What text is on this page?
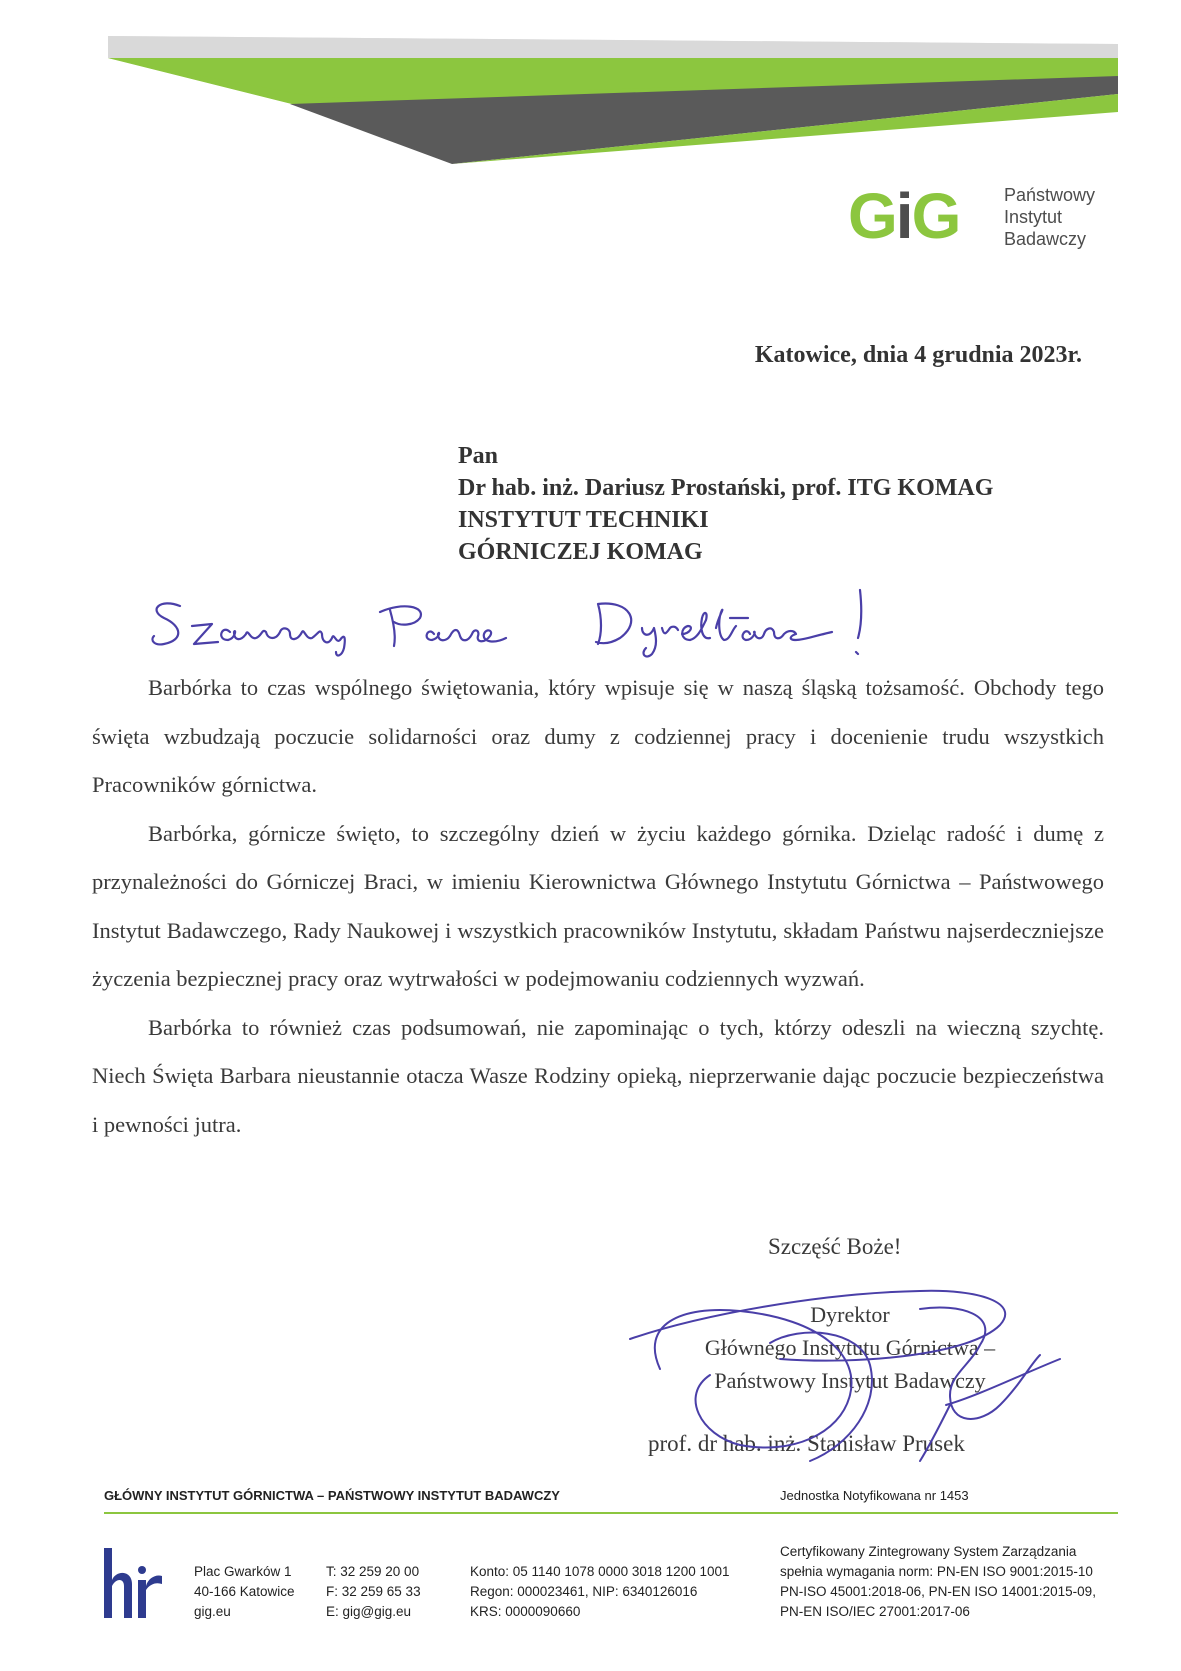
GiG Państwowy
Instytut
Badawczy
Katowice, dnia 4 grudnia 2023r.
Pan
Dr hab. inż. Dariusz Prostański, prof. ITG KOMAG
INSTYTUT TECHNIKI
GÓRNICZEJ KOMAG

Barbórka to czas wspólnego świętowania, który wpisuje się w naszą śląską tożsamość. Obchody tego święta wzbudzają poczucie solidarności oraz dumy z codziennej pracy i docenienie trudu wszystkich Pracowników górnictwa.

Barbórka, górnicze święto, to szczególny dzień w życiu każdego górnika. Dzieląc radość i dumę z przynależności do Górniczej Braci, w imieniu Kierownictwa Głównego Instytutu Górnictwa – Państwowego Instytut Badawczego, Rady Naukowej i wszystkich pracowników Instytutu, składam Państwu najserdeczniejsze życzenia bezpiecznej pracy oraz wytrwałości w podejmowaniu codziennych wyzwań.

Barbórka to również czas podsumowań, nie zapominając o tych, którzy odeszli na wieczną szychtę. Niech Święta Barbara nieustannie otacza Wasze Rodziny opieką, nieprzerwanie dając poczucie bezpieczeństwa i pewności jutra.

Szczęść Boże!
Dyrektor
Głównego Instytutu Górnictwa –
Państwowy Instytut Badawczy
prof. dr hab. inż. Stanisław Prusek
GŁÓWNY INSTYTUT GÓRNICTWA – PAŃSTWOWY INSTYTUT BADAWCZY	Jednostka Notyfikowana nr 1453
Plac Gwarków 1
40-166 Katowice
gig.eu
T: 32 259 20 00
F: 32 259 65 33
E: gig@gig.eu
Konto: 05 1140 1078 0000 3018 1200 1001
Regon: 000023461, NIP: 6340126016
KRS: 0000090660
Certyfikowany Zintegrowany System Zarządzania
spełnia wymagania norm: PN-EN ISO 9001:2015-10
PN-ISO 45001:2018-06, PN-EN ISO 14001:2015-09,
PN-EN ISO/IEC 27001:2017-06
